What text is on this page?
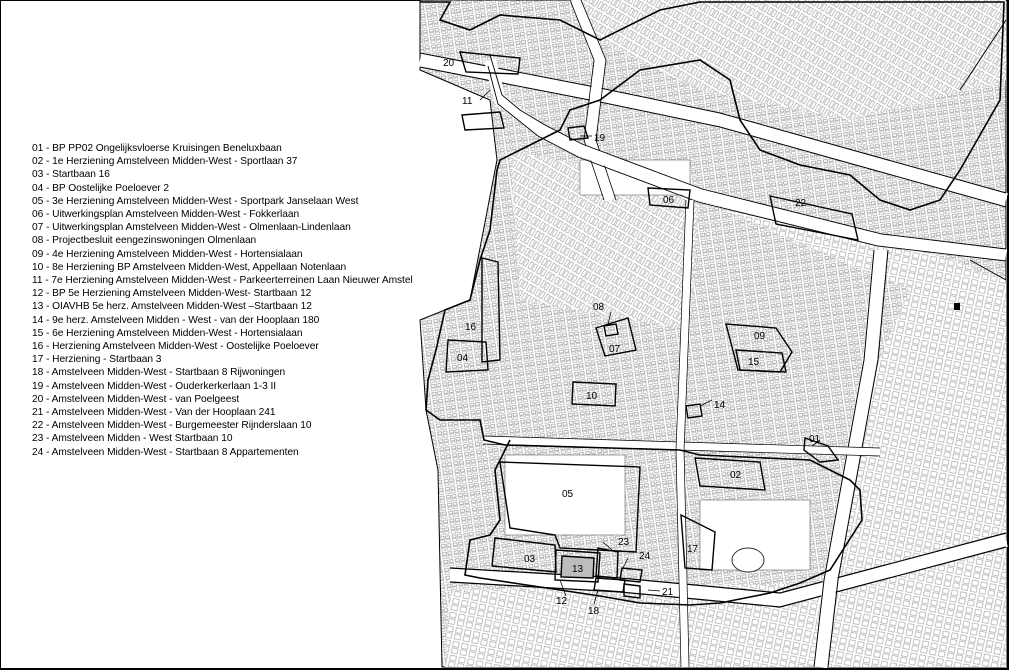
01 - BP PP02 Ongelijksvloerse Kruisingen Beneluxbaan
02 - 1e Herziening Amstelveen Midden-West - Sportlaan 37
03 - Startbaan 16
04 - BP Oostelijke Poeloever 2
05 - 3e Herziening Amstelveen Midden-West - Sportpark Janselaan West
06 - Uitwerkingsplan Amstelveen Midden-West - Fokkerlaan
07 - Uitwerkingsplan Amstelveen Midden-West - Olmenlaan-Lindenlaan
08 - Projectbesluit eengezinswoningen Olmenlaan
09 - 4e Herziening Amstelveen Midden-West - Hortensialaan
10 - 8e Herziening BP Amstelveen Midden-West, Appellaan Notenlaan
11 - 7e Herziening Amstelveen Midden-West - Parkeerterreinen Laan Nieuwer Amstel
12 - BP 5e Herziening Amstelveen Midden-West- Startbaan 12
13 - OIAVHB 5e herz. Amstelveen Midden-West –Startbaan 12
14 - 9e herz. Amstelveen Midden - West - van der Hooplaan 180
15 - 6e Herziening Amstelveen Midden-West - Hortensialaan
16 - Herziening Amstelveen Midden-West - Oostelijke Poeloever
17 - Herziening - Startbaan 3
18 - Amstelveen Midden-West - Startbaan 8 Rijwoningen
19 - Amstelveen Midden-West - Ouderkerkerlaan 1-3 II
20 - Amstelveen Midden-West - van Poelgeest
21 - Amstelveen Midden-West - Van der Hooplaan 241
22 - Amstelveen Midden-West - Burgemeester Rijnderslaan 10
23 - Amstelveen Midden - West Startbaan 10
24 - Amstelveen Midden-West - Startbaan 8 Appartementen
01
02
03
04
05
06
07
08
09
10
11
12
13
14
15
16
17
18
19
20
21
22
23
24
